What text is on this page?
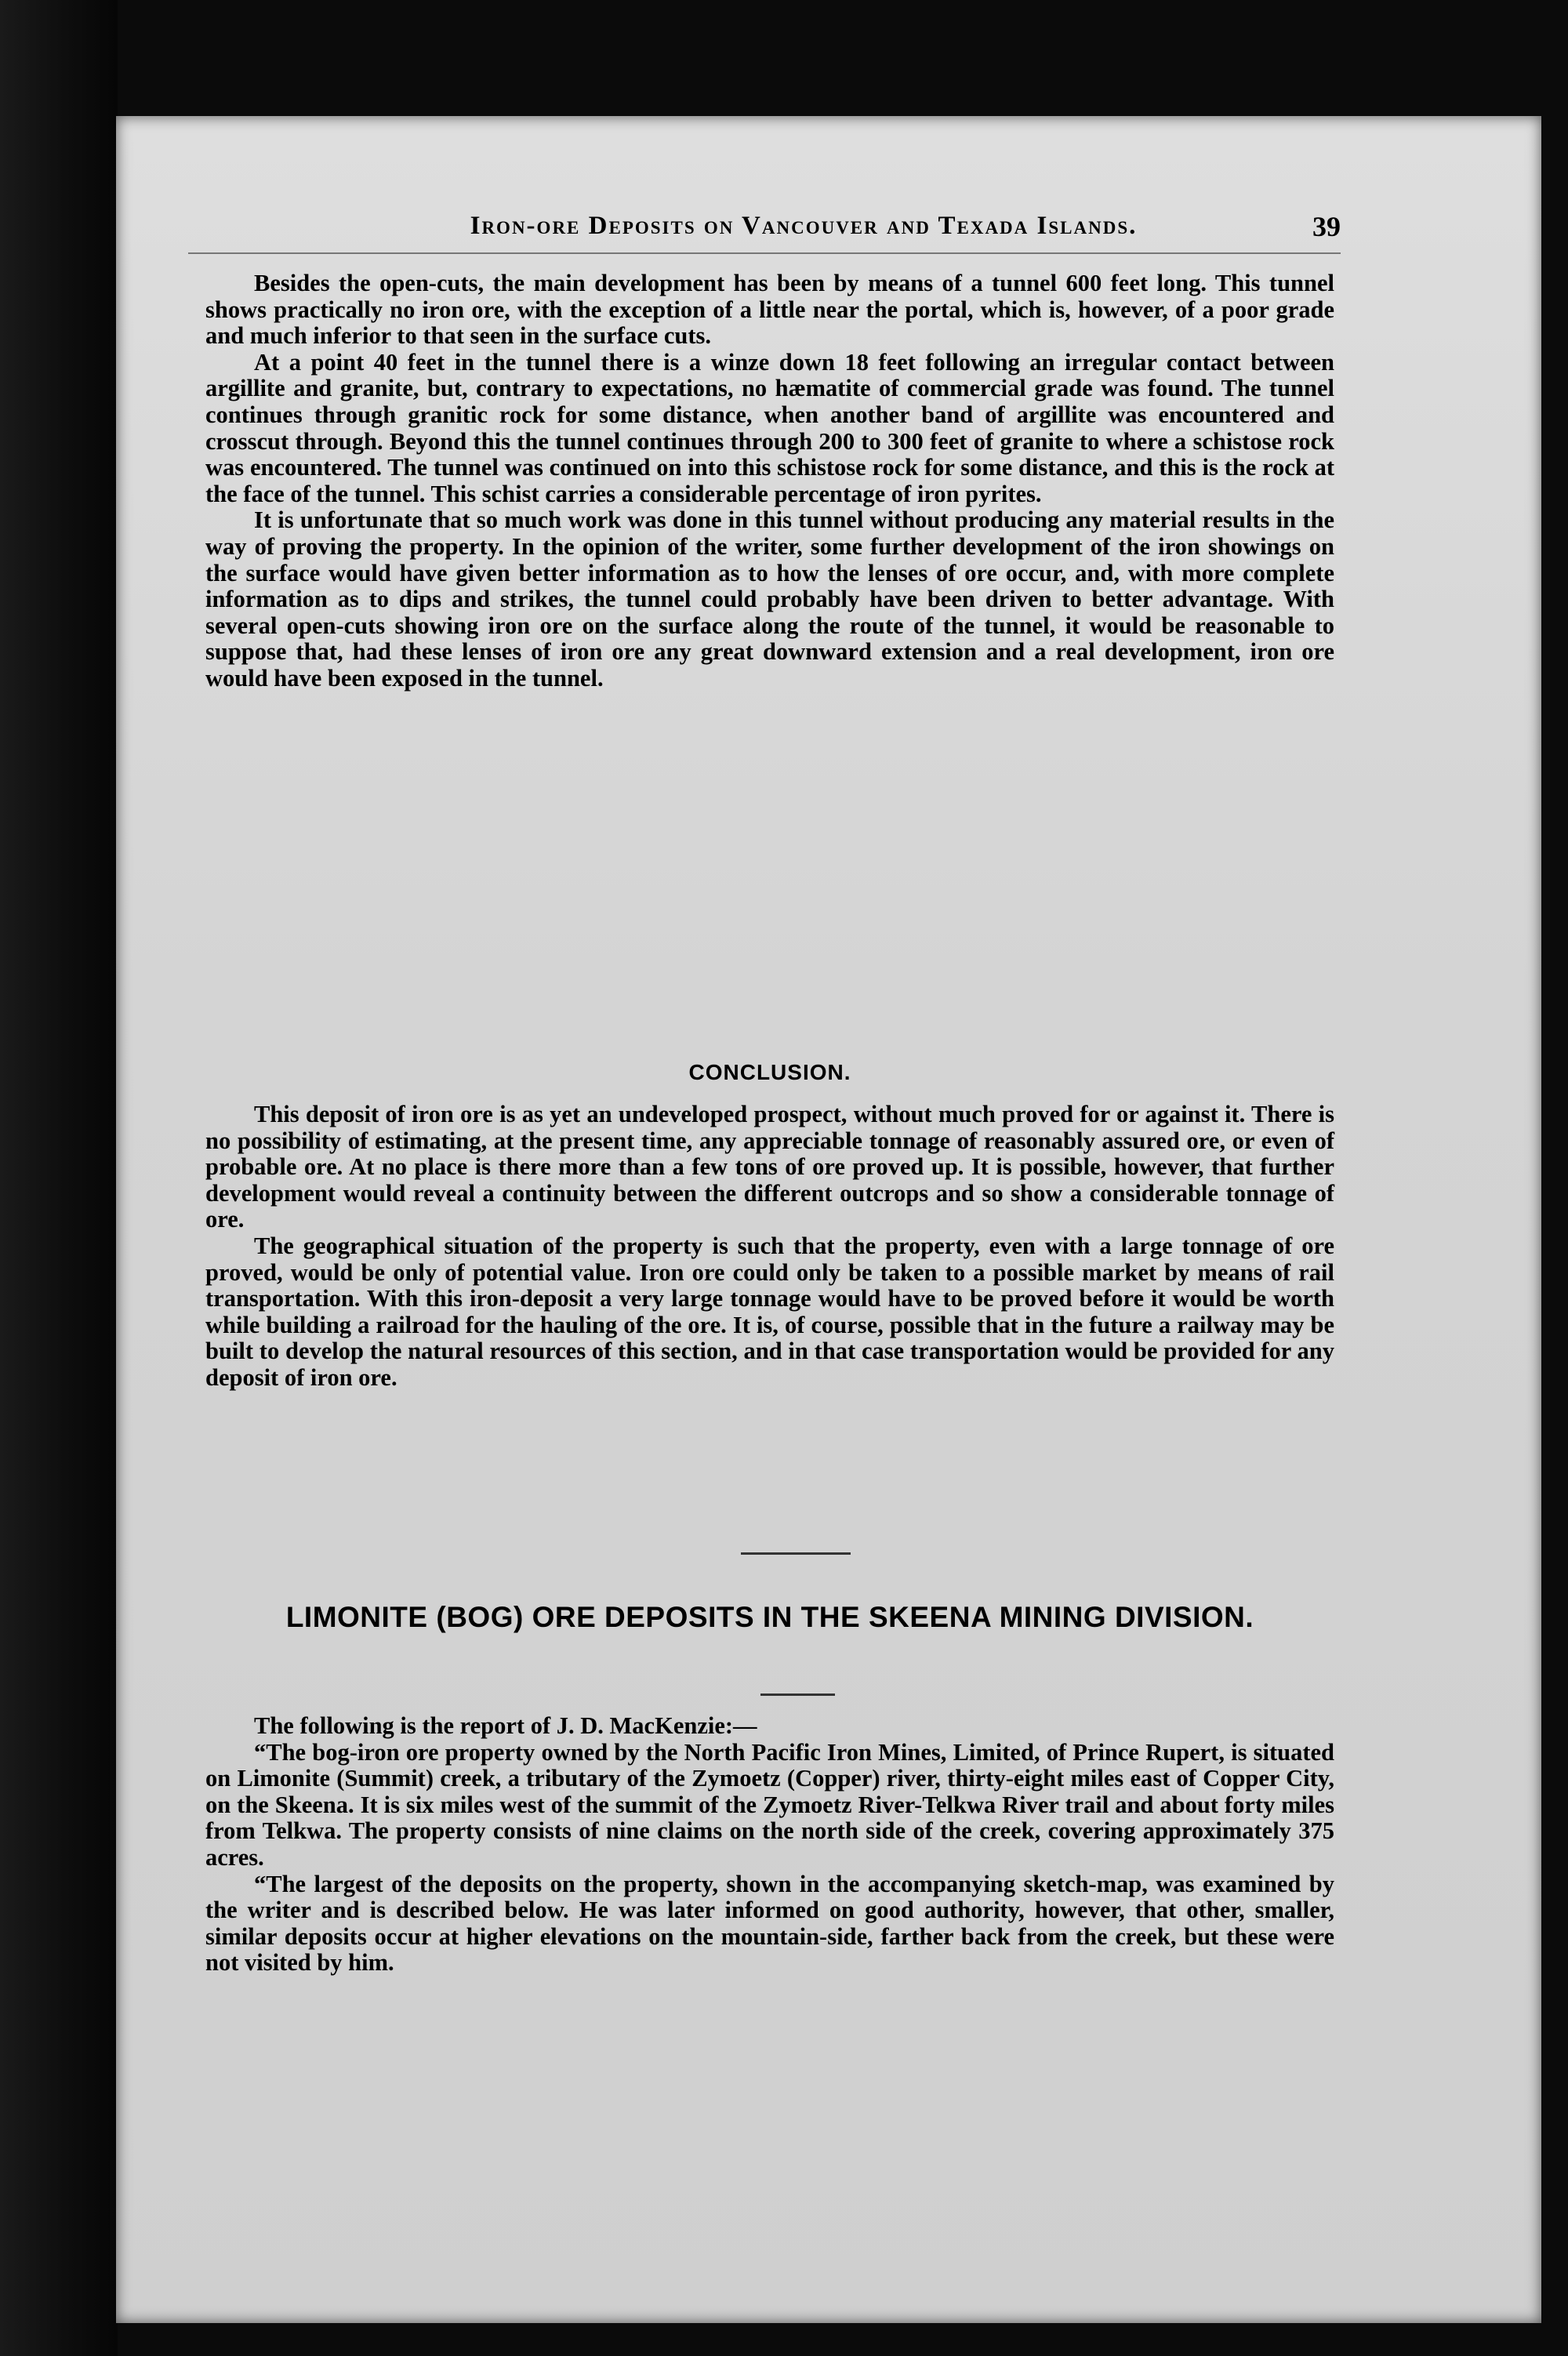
Iron-ore Deposits on Vancouver and Texada Islands.	39

Besides the open-cuts, the main development has been by means of a tunnel 600 feet long. This tunnel shows practically no iron ore, with the exception of a little near the portal, which is, however, of a poor grade and much inferior to that seen in the surface cuts.

At a point 40 feet in the tunnel there is a winze down 18 feet following an irregular contact between argillite and granite, but, contrary to expectations, no hæmatite of commercial grade was found. The tunnel continues through granitic rock for some distance, when another band of argillite was encountered and crosscut through. Beyond this the tunnel continues through 200 to 300 feet of granite to where a schistose rock was encountered. The tunnel was continued on into this schistose rock for some distance, and this is the rock at the face of the tunnel. This schist carries a considerable percentage of iron pyrites.

It is unfortunate that so much work was done in this tunnel without producing any material results in the way of proving the property. In the opinion of the writer, some further development of the iron showings on the surface would have given better information as to how the lenses of ore occur, and, with more complete information as to dips and strikes, the tunnel could probably have been driven to better advantage. With several open-cuts showing iron ore on the surface along the route of the tunnel, it would be reasonable to suppose that, had these lenses of iron ore any great downward extension and a real development, iron ore would have been exposed in the tunnel.

CONCLUSION.

This deposit of iron ore is as yet an undeveloped prospect, without much proved for or against it. There is no possibility of estimating, at the present time, any appreciable tonnage of reasonably assured ore, or even of probable ore. At no place is there more than a few tons of ore proved up. It is possible, however, that further development would reveal a continuity between the different outcrops and so show a considerable tonnage of ore.

The geographical situation of the property is such that the property, even with a large tonnage of ore proved, would be only of potential value. Iron ore could only be taken to a possible market by means of rail transportation. With this iron-deposit a very large tonnage would have to be proved before it would be worth while building a railroad for the hauling of the ore. It is, of course, possible that in the future a railway may be built to develop the natural resources of this section, and in that case transportation would be provided for any deposit of iron ore.

LIMONITE (BOG) ORE DEPOSITS IN THE SKEENA MINING DIVISION.

The following is the report of J. D. MacKenzie:—

“The bog-iron ore property owned by the North Pacific Iron Mines, Limited, of Prince Rupert, is situated on Limonite (Summit) creek, a tributary of the Zymoetz (Copper) river, thirty-eight miles east of Copper City, on the Skeena. It is six miles west of the summit of the Zymoetz River-Telkwa River trail and about forty miles from Telkwa. The property consists of nine claims on the north side of the creek, covering approximately 375 acres.

“The largest of the deposits on the property, shown in the accompanying sketch-map, was examined by the writer and is described below. He was later informed on good authority, however, that other, smaller, similar deposits occur at higher elevations on the mountain-side, farther back from the creek, but these were not visited by him.
